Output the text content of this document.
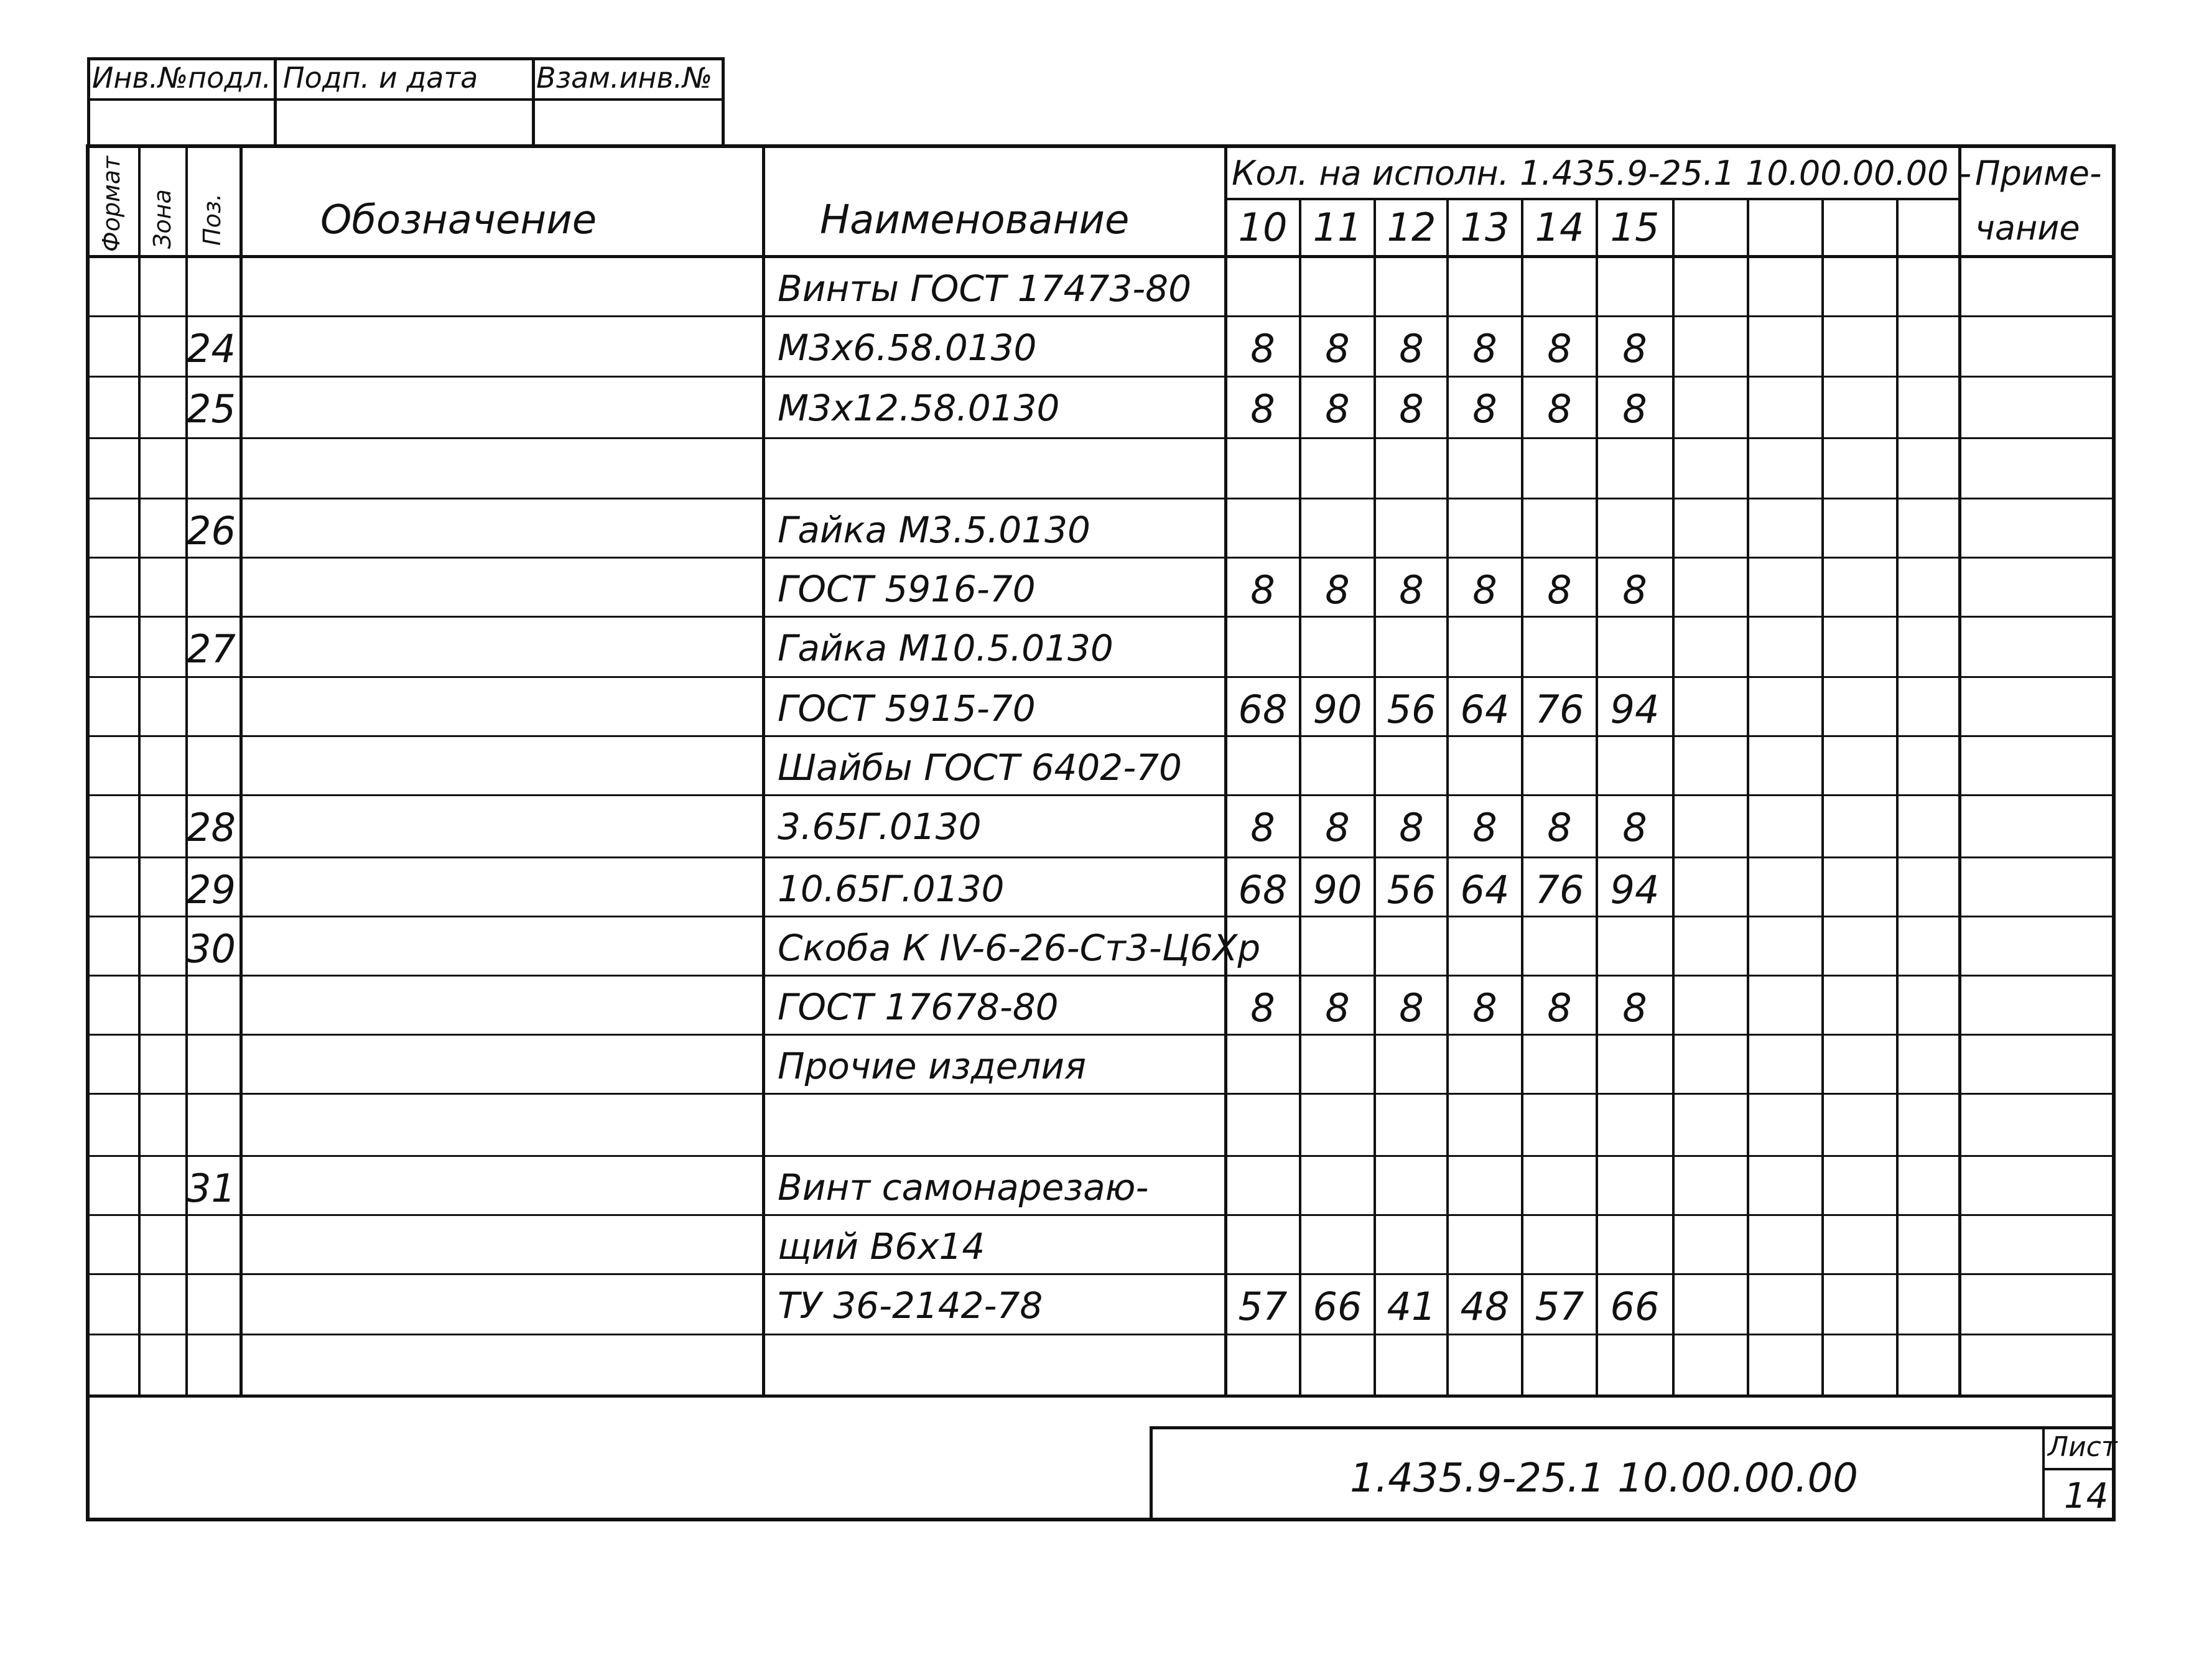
Инв.№подл. Подп. и дата Взам.инв.№
Формат Зона Поз. Обозначение	Наименование
Кол. на исполн. 1.435.9-25.1 10.00.00.00 - Приме-
чание
10 11 12 13 14 15
Винты ГОСТ 17473-80
24	М3х6.58.0130	8	8	8	8	8	8
25	М3х12.58.0130	8	8	8	8	8	8
26	Гайка М3.5.0130
ГОСТ 5916-70	8	8	8	8	8	8
27	Гайка М10.5.0130
ГОСТ 5915-70	68 90 56 64 76 94
Шайбы ГОСТ 6402-70
28	3.65Г.0130	8	8	8	8	8	8
29	10.65Г.0130	68 90 56 64 76 94
30	Скоба К IV-6-26-Ст3-Ц6Хр
ГОСТ 17678-80	8	8	8	8	8	8
Прочие изделия
31	Винт самонарезаю-
щий В6х14
ТУ 36-2142-78	57 66 41 48 57 66
1.435.9-25.1 10.00.00.00
Лист
14
